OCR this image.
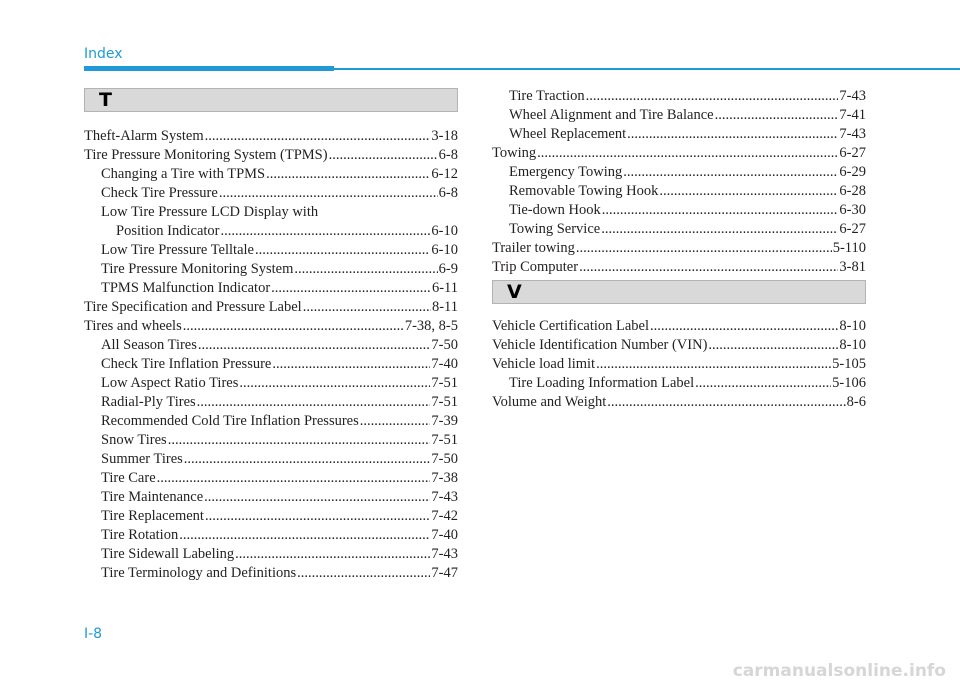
Index
T
Theft-Alarm System .....	3-18
Tire Pressure Monitoring System (TPMS) .....	6-8
Changing a Tire with TPMS .....	6-12
Check Tire Pressure .....	6-8
Low Tire Pressure LCD Display with
Position Indicator .....	6-10
Low Tire Pressure Telltale .....	6-10
Tire Pressure Monitoring System .....	6-9
TPMS Malfunction Indicator .....	6-11
Tire Specification and Pressure Label .....	8-11
Tires and wheels .....	7-38, 8-5
All Season Tires .....	7-50
Check Tire Inflation Pressure .....	7-40
Low Aspect Ratio Tires .....	7-51
Radial-Ply Tires .....	7-51
Recommended Cold Tire Inflation Pressures .....	7-39
Snow Tires .....	7-51
Summer Tires .....	7-50
Tire Care .....	7-38
Tire Maintenance .....	7-43
Tire Replacement .....	7-42
Tire Rotation .....	7-40
Tire Sidewall Labeling .....	7-43
Tire Terminology and Definitions .....	7-47
Tire Traction .....	7-43
Wheel Alignment and Tire Balance .....	7-41
Wheel Replacement .....	7-43
Towing .....	6-27
Emergency Towing .....	6-29
Removable Towing Hook .....	6-28
Tie-down Hook .....	6-30
Towing Service .....	6-27
Trailer towing .....	5-110
Trip Computer .....	3-81
V
Vehicle Certification Label .....	8-10
Vehicle Identification Number (VIN) .....	8-10
Vehicle load limit .....	5-105
Tire Loading Information Label .....	5-106
Volume and Weight .....	8-6
I-8
carmanualsonline.info
